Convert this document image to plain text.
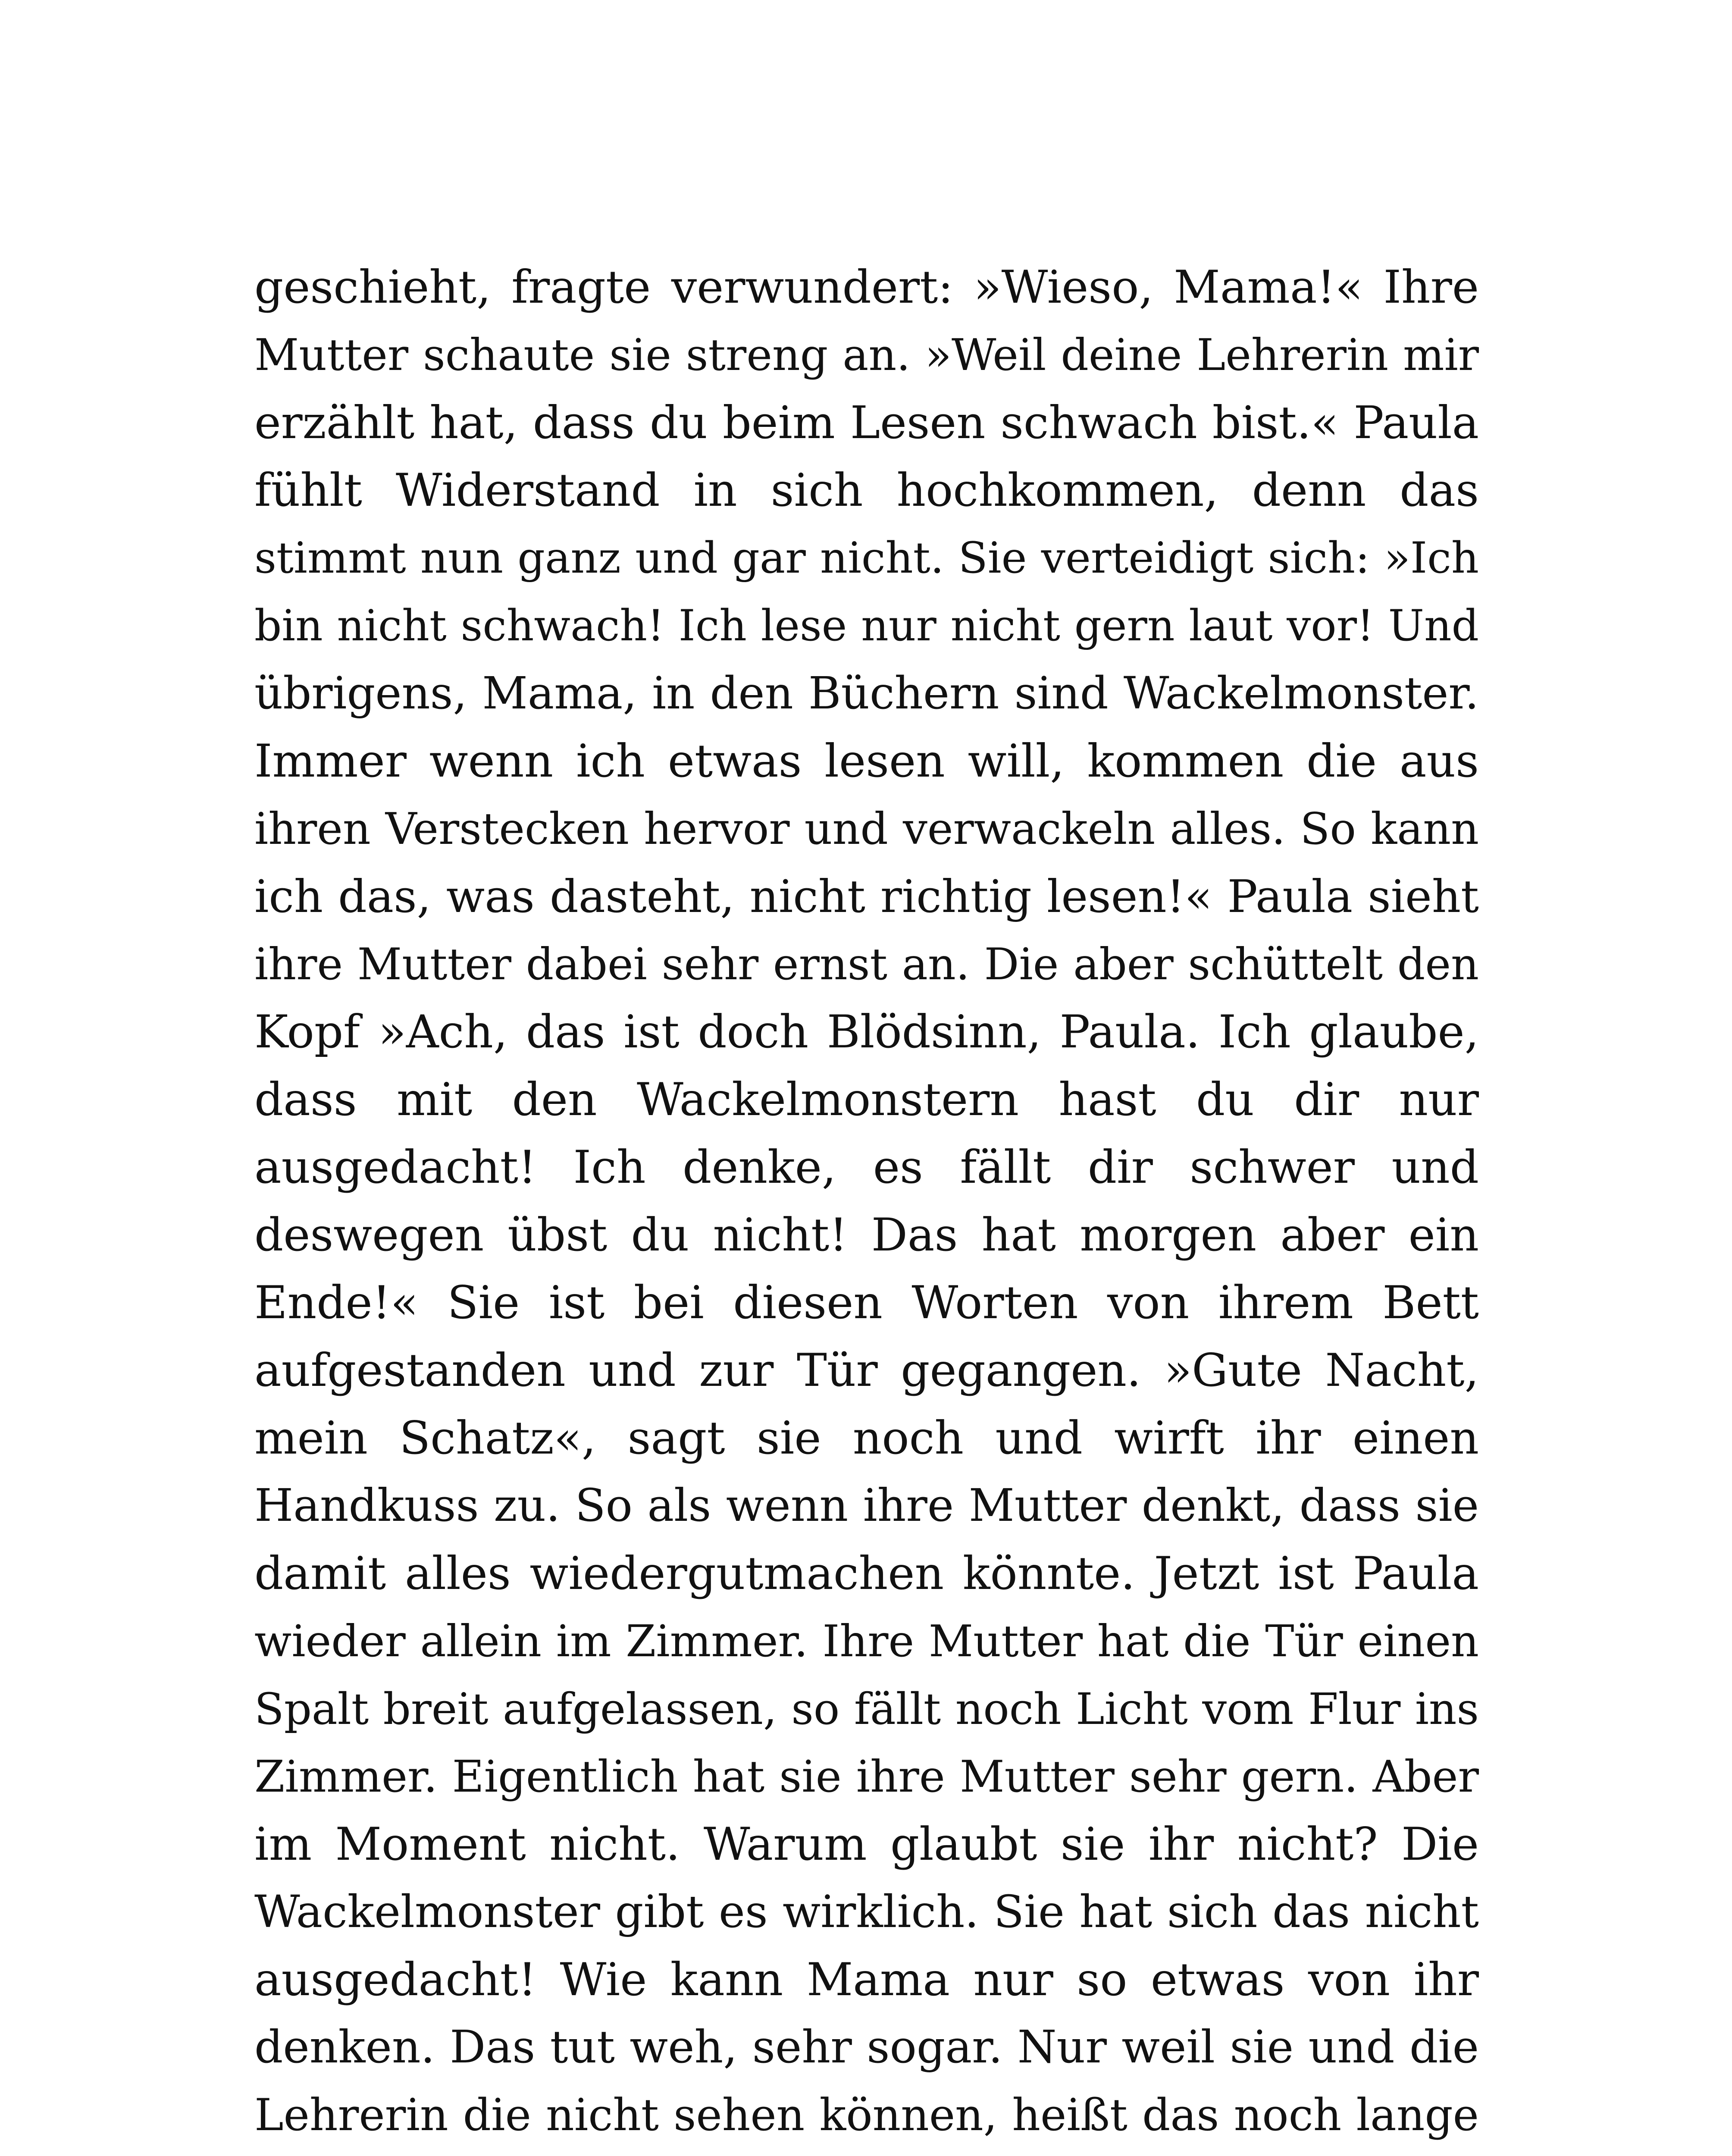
geschieht, fragte verwundert: »Wieso, Mama!« Ihre
Mutter schaute sie streng an. »Weil deine Lehrerin mir
erzählt hat, dass du beim Lesen schwach bist.« Paula
fühlt Widerstand in sich hochkommen, denn das
stimmt nun ganz und gar nicht. Sie verteidigt sich: »Ich
bin nicht schwach! Ich lese nur nicht gern laut vor! Und
übrigens, Mama, in den Büchern sind Wackelmonster.
Immer wenn ich etwas lesen will, kommen die aus
ihren Verstecken hervor und verwackeln alles. So kann
ich das, was dasteht, nicht richtig lesen!« Paula sieht
ihre Mutter dabei sehr ernst an. Die aber schüttelt den
Kopf »Ach, das ist doch Blödsinn, Paula. Ich glaube,
dass mit den Wackelmonstern hast du dir nur
ausgedacht! Ich denke, es fällt dir schwer und
deswegen übst du nicht! Das hat morgen aber ein
Ende!« Sie ist bei diesen Worten von ihrem Bett
aufgestanden und zur Tür gegangen. »Gute Nacht,
mein Schatz«, sagt sie noch und wirft ihr einen
Handkuss zu. So als wenn ihre Mutter denkt, dass sie
damit alles wiedergutmachen könnte. Jetzt ist Paula
wieder allein im Zimmer. Ihre Mutter hat die Tür einen
Spalt breit aufgelassen, so fällt noch Licht vom Flur ins
Zimmer. Eigentlich hat sie ihre Mutter sehr gern. Aber
im Moment nicht. Warum glaubt sie ihr nicht? Die
Wackelmonster gibt es wirklich. Sie hat sich das nicht
ausgedacht! Wie kann Mama nur so etwas von ihr
denken. Das tut weh, sehr sogar. Nur weil sie und die
Lehrerin die nicht sehen können, heißt das noch lange
